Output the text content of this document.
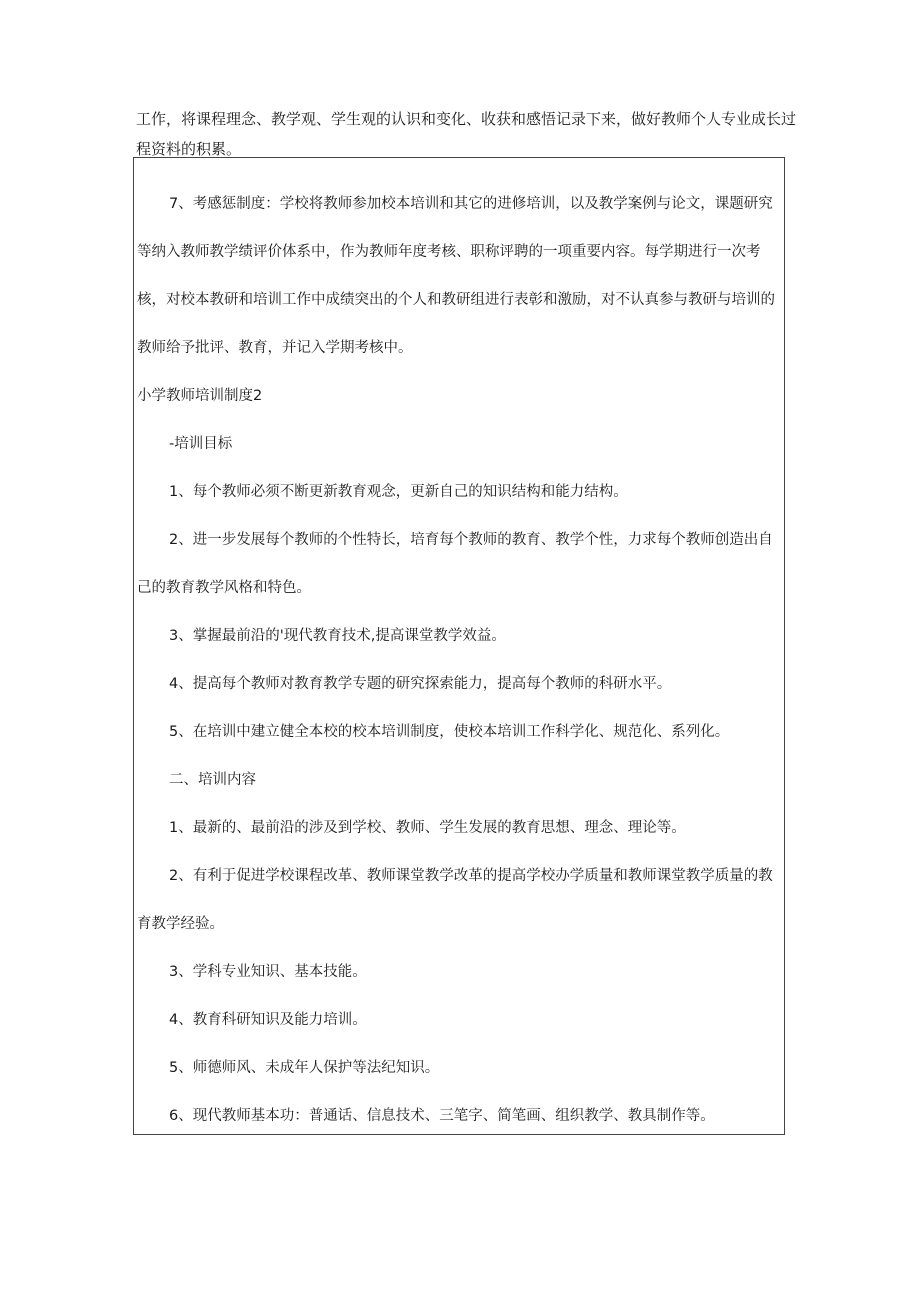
工作，将课程理念、教学观、学生观的认识和变化、收获和感悟记录下来，做好教师个人专业成长过

程资料的积累。

7、考感惩制度：学校将教师参加校本培训和其它的进修培训，以及教学案例与论文，课题研究等纳入教师教学绩评价体系中，作为教师年度考核、职称评聘的一项重要内容。每学期进行一次考核，对校本教研和培训工作中成绩突出的个人和教研组进行表彰和激励，对不认真参与教研与培训的教师给予批评、教育，并记入学期考核中。

小学教师培训制度2

-培训目标

1、每个教师必须不断更新教育观念，更新自己的知识结构和能力结构。

2、进一步发展每个教师的个性特长，培育每个教师的教育、教学个性，力求每个教师创造出自己的教育教学风格和特色。

3、掌握最前沿的'现代教育技术,提高课堂教学效益。

4、提高每个教师对教育教学专题的研究探索能力，提高每个教师的科研水平。

5、在培训中建立健全本校的校本培训制度，使校本培训工作科学化、规范化、系列化。

二、培训内容

1、最新的、最前沿的涉及到学校、教师、学生发展的教育思想、理念、理论等。

2、有利于促进学校课程改革、教师课堂教学改革的提高学校办学质量和教师课堂教学质量的教育教学经验。

3、学科专业知识、基本技能。

4、教育科研知识及能力培训。

5、师德师风、未成年人保护等法纪知识。

6、现代教师基本功：普通话、信息技术、三笔字、简笔画、组织教学、教具制作等。
